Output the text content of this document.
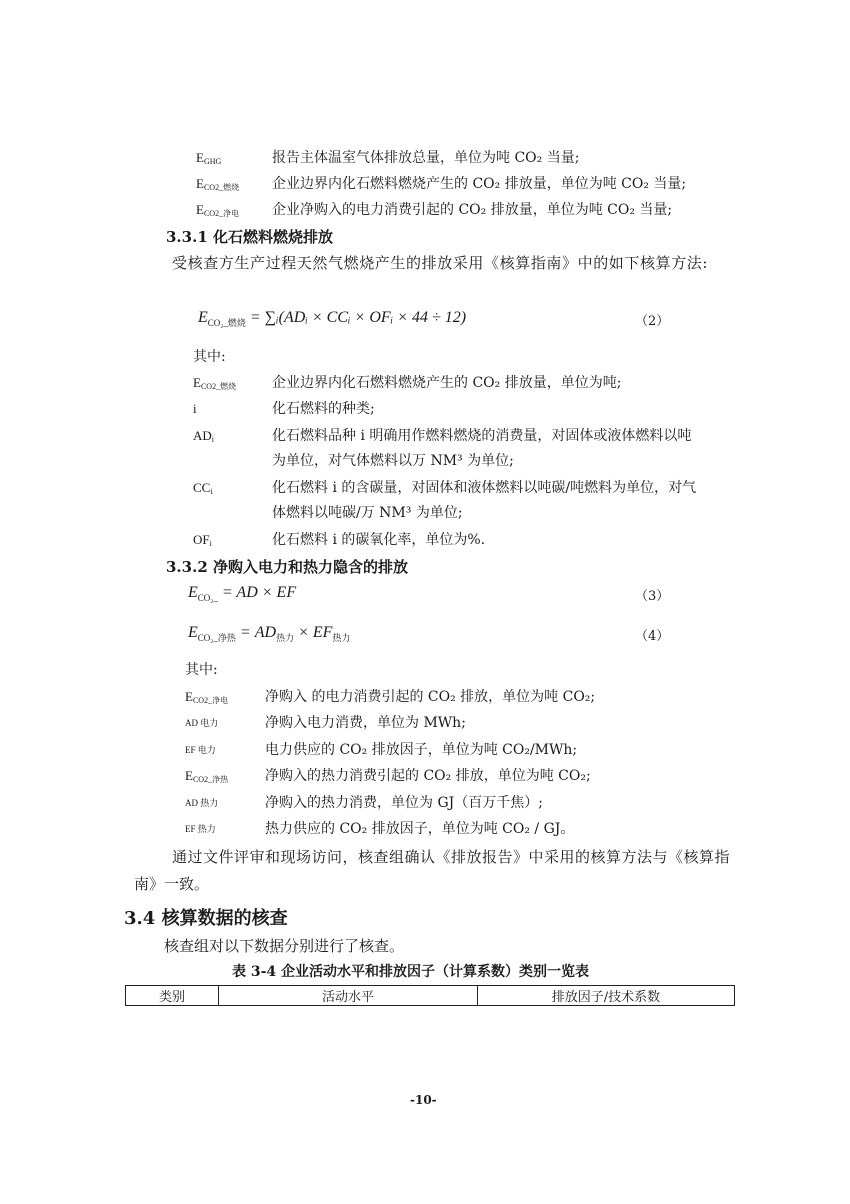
$E_{GHG}$	报告主体温室气体排放总量，单位为吨 CO₂ 当量;
$E_{CO2\_燃烧}$ 企业边界内化石燃料燃烧产生的 CO₂ 排放量，单位为吨 CO₂ 当量;
$E_{CO2\_净电}$ 企业净购入的电力消费引起的 CO₂ 排放量，单位为吨 CO₂ 当量;
3.3.1 化石燃料燃烧排放
受核查方生产过程天然气燃烧产生的排放采用《核算指南》中的如下核算方法:
$E_{CO_2\_燃烧}$ = ∑ᵢ(ADᵢ × CCᵢ × OFᵢ × 44 ÷ 12)	（2）
其中:
$E_{CO2\_燃烧}$	企业边界内化石燃料燃烧产生的 CO₂ 排放量，单位为吨;
i	化石燃料的种类;
$AD_i$	化石燃料品种 i 明确用作燃料燃烧的消费量，对固体或液体燃料以吨
为单位，对气体燃料以万 NM³ 为单位;
$CC_i$	化石燃料 i 的含碳量，对固体和液体燃料以吨碳/吨燃料为单位，对气
体燃料以吨碳/万 NM³ 为单位;
$OF_i$	化石燃料 i 的碳氧化率，单位为%.
3.3.2 净购入电力和热力隐含的排放
$E_{CO_2\_}$ = AD × EF	（3）
$E_{CO_2\_净热} = AD_{热力} \times EF_{热力}$	（4）
其中:
$E_{CO2\_净电}$	净购入 的电力消费引起的 CO₂ 排放，单位为吨 CO₂;
AD 电力	净购入电力消费，单位为 MWh;
EF 电力	电力供应的 CO₂ 排放因子，单位为吨 CO₂/MWh;
$E_{CO2\_净热}$	净购入的热力消费引起的 CO₂ 排放，单位为吨 CO₂;
AD 热力	净购入的热力消费，单位为 GJ（百万千焦）;
EF 热力	热力供应的 CO₂ 排放因子，单位为吨 CO₂ / GJ。
通过文件评审和现场访问，核查组确认《排放报告》中采用的核算方法与《核算指
南》一致。
3.4 核算数据的核查
核查组对以下数据分别进行了核查。
表 3-4 企业活动水平和排放因子（计算系数）类别一览表
类别	活动水平	排放因子/技术系数
-10-
